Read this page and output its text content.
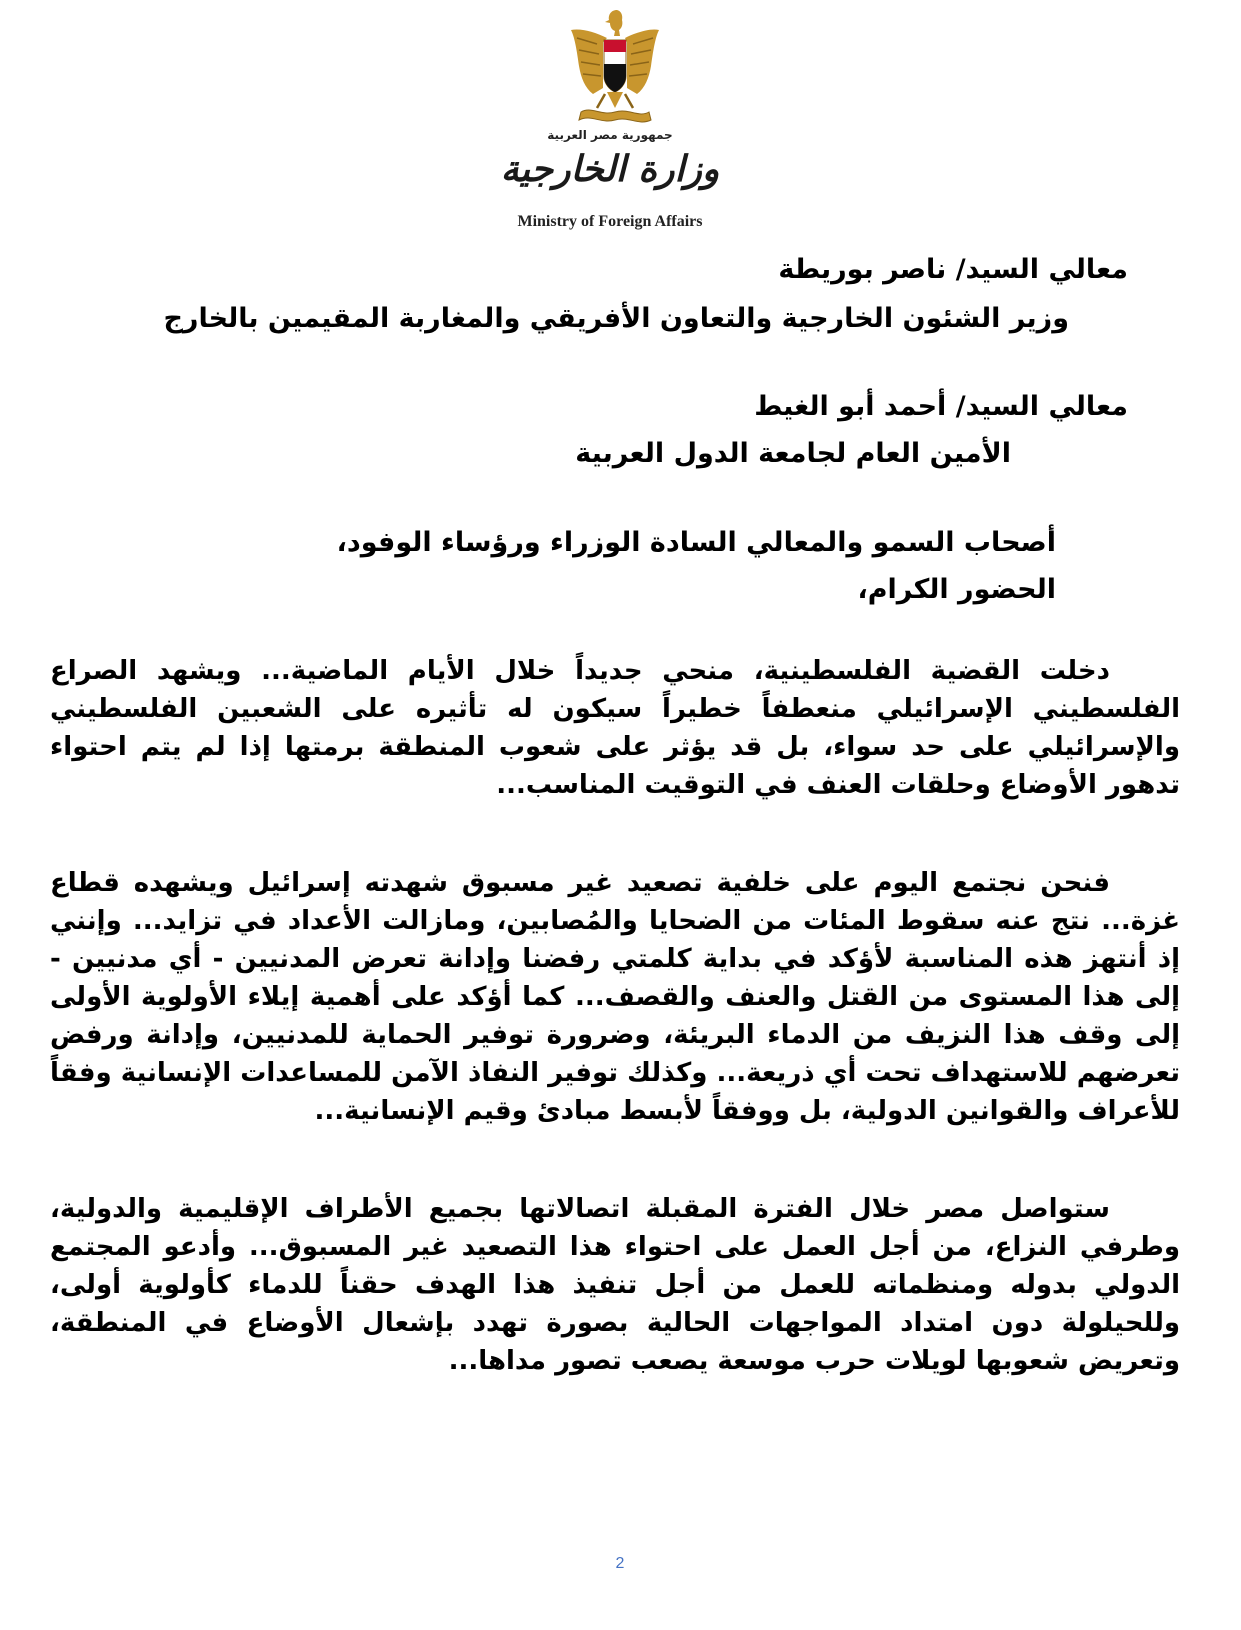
جمهورية مصر العربية
وزارة الخارجية
Ministry of Foreign Affairs
معالي السيد/ ناصر بوريطة
وزير الشئون الخارجية والتعاون الأفريقي والمغاربة المقيمين بالخارج
معالي السيد/ أحمد أبو الغيط
الأمين العام لجامعة الدول العربية
أصحاب السمو والمعالي السادة الوزراء ورؤساء الوفود،
الحضور الكرام،
دخلت القضية الفلسطينية، منحي جديداً خلال الأيام الماضية... ويشهد الصراع الفلسطيني الإسرائيلي منعطفاً خطيراً سيكون له تأثيره على الشعبين الفلسطيني والإسرائيلي على حد سواء، بل قد يؤثر على شعوب المنطقة برمتها إذا لم يتم احتواء تدهور الأوضاع وحلقات العنف في التوقيت المناسب...
فنحن نجتمع اليوم على خلفية تصعيد غير مسبوق شهدته إسرائيل ويشهده قطاع غزة... نتج عنه سقوط المئات من الضحايا والمُصابين، ومازالت الأعداد في تزايد... وإنني إذ أنتهز هذه المناسبة لأؤكد في بداية كلمتي رفضنا وإدانة تعرض المدنيين - أي مدنيين - إلى هذا المستوى من القتل والعنف والقصف... كما أؤكد على أهمية إيلاء الأولوية الأولى إلى وقف هذا النزيف من الدماء البريئة، وضرورة توفير الحماية للمدنيين، وإدانة ورفض تعرضهم للاستهداف تحت أي ذريعة... وكذلك توفير النفاذ الآمن للمساعدات الإنسانية وفقاً للأعراف والقوانين الدولية، بل ووفقاً لأبسط مبادئ وقيم الإنسانية...
ستواصل مصر خلال الفترة المقبلة اتصالاتها بجميع الأطراف الإقليمية والدولية، وطرفي النزاع، من أجل العمل على احتواء هذا التصعيد غير المسبوق... وأدعو المجتمع الدولي بدوله ومنظماته للعمل من أجل تنفيذ هذا الهدف حقناً للدماء كأولوية أولى، وللحيلولة دون امتداد المواجهات الحالية بصورة تهدد بإشعال الأوضاع في المنطقة، وتعريض شعوبها لويلات حرب موسعة يصعب تصور مداها...
2
